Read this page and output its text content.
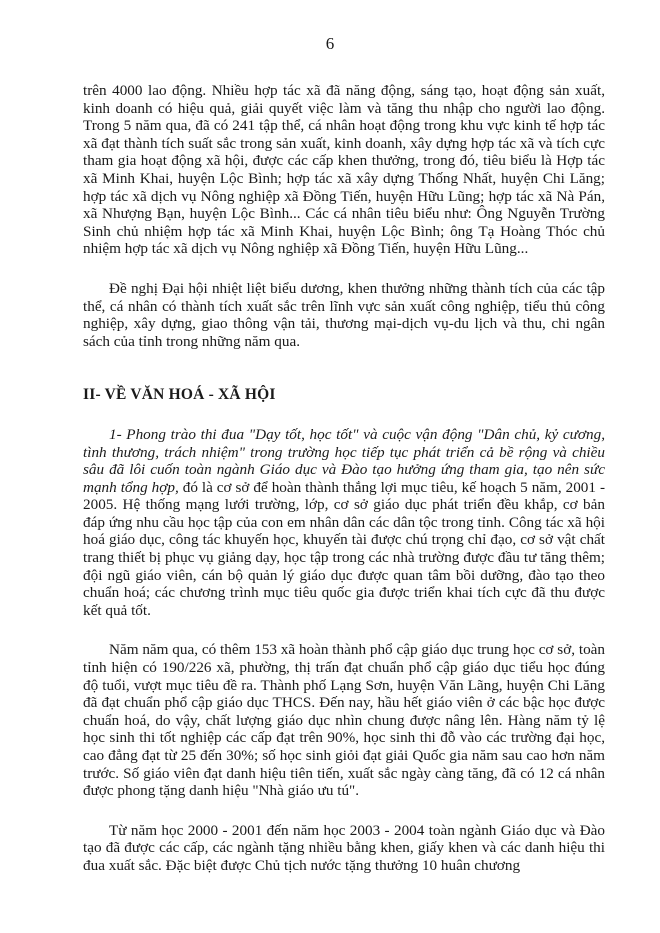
6

trên 4000 lao động. Nhiều hợp tác xã đã năng động, sáng tạo, hoạt động sản xuất, kinh doanh có hiệu quả, giải quyết việc làm và tăng thu nhập cho người lao động. Trong 5 năm qua, đã có 241 tập thể, cá nhân hoạt động trong khu vực kinh tế hợp tác xã đạt thành tích suất sắc trong sản xuất, kinh doanh, xây dựng hợp tác xã và tích cực tham gia hoạt động xã hội, được các cấp khen thưởng, trong đó, tiêu biểu là Hợp tác xã Minh Khai, huyện Lộc Bình; hợp tác xã xây dựng Thống Nhất, huyện Chi Lăng; hợp tác xã dịch vụ Nông nghiệp xã Đồng Tiến, huyện Hữu Lũng; hợp tác xã Nà Pán, xã Nhượng Bạn, huyện Lộc Bình... Các cá nhân tiêu biểu như: Ông Nguyễn Trường Sinh chủ nhiệm hợp tác xã Minh Khai, huyện Lộc Bình; ông Tạ Hoàng Thóc chủ nhiệm hợp tác xã dịch vụ Nông nghiệp xã Đồng Tiến, huyện Hữu Lũng...

Đề nghị Đại hội nhiệt liệt biểu dương, khen thưởng những thành tích của các tập thể, cá nhân có thành tích xuất sắc trên lĩnh vực sản xuất công nghiệp, tiểu thủ công nghiệp, xây dựng, giao thông vận tải, thương mại-dịch vụ-du lịch và thu, chi ngân sách của tỉnh trong những năm qua.

II- VỀ VĂN HOÁ - XÃ HỘI

1- Phong trào thi đua "Dạy tốt, học tốt" và cuộc vận động "Dân chủ, kỷ cương, tình thương, trách nhiệm" trong trường học tiếp tục phát triển cả bề rộng và chiều sâu đã lôi cuốn toàn ngành Giáo dục và Đào tạo hưởng ứng tham gia, tạo nên sức mạnh tổng hợp, đó là cơ sở để hoàn thành thắng lợi mục tiêu, kế hoạch 5 năm, 2001 - 2005. Hệ thống mạng lưới trường, lớp, cơ sở giáo dục phát triển đều khắp, cơ bản đáp ứng nhu cầu học tập của con em nhân dân các dân tộc trong tỉnh. Công tác xã hội hoá giáo dục, công tác khuyến học, khuyến tài được chú trọng chỉ đạo, cơ sở vật chất trang thiết bị phục vụ giảng dạy, học tập trong các nhà trường được đầu tư tăng thêm; đội ngũ giáo viên, cán bộ quản lý giáo dục được quan tâm bồi dưỡng, đào tạo theo chuẩn hoá; các chương trình mục tiêu quốc gia được triển khai tích cực đã thu được kết quả tốt.

Năm năm qua, có thêm 153 xã hoàn thành phổ cập giáo dục trung học cơ sở, toàn tỉnh hiện có 190/226 xã, phường, thị trấn đạt chuẩn phổ cập giáo dục tiểu học đúng độ tuổi, vượt mục tiêu đề ra. Thành phố Lạng Sơn, huyện Văn Lãng, huyện Chi Lăng đã đạt chuẩn phổ cập giáo dục THCS. Đến nay, hầu hết giáo viên ở các bậc học được chuẩn hoá, do vậy, chất lượng giáo dục nhìn chung được nâng lên. Hàng năm tỷ lệ học sinh thi tốt nghiệp các cấp đạt trên 90%, học sinh thi đỗ vào các trường đại học, cao đẳng đạt từ 25 đến 30%; số học sinh giỏi đạt giải Quốc gia năm sau cao hơn năm trước. Số giáo viên đạt danh hiệu tiên tiến, xuất sắc ngày càng tăng, đã có 12 cá nhân được phong tặng danh hiệu "Nhà giáo ưu tú".

Từ năm học 2000 - 2001 đến năm học 2003 - 2004 toàn ngành Giáo dục và Đào tạo đã được các cấp, các ngành tặng nhiều bằng khen, giấy khen và các danh hiệu thi đua xuất sắc. Đặc biệt được Chủ tịch nước tặng thưởng 10 huân chương
